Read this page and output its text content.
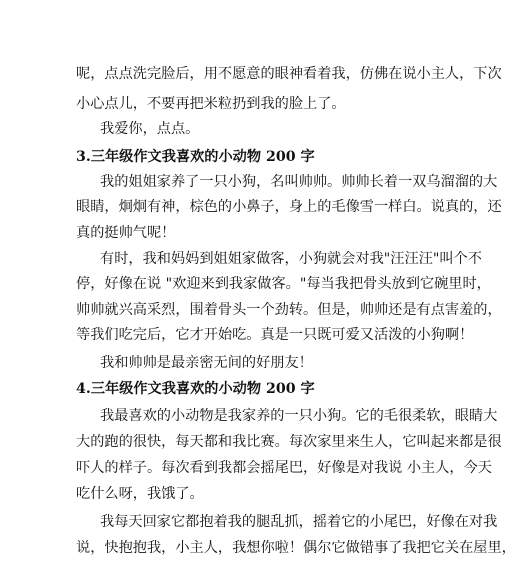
呢，点点洗完脸后，用不愿意的眼神看着我，仿佛在说小主人，下次
小心点儿，不要再把米粒扔到我的脸上了。
我爱你，点点。
3.三年级作文我喜欢的小动物 200 字
我的姐姐家养了一只小狗，名叫帅帅。帅帅长着一双乌溜溜的大
眼睛，炯炯有神，棕色的小鼻子，身上的毛像雪一样白。说真的，还
真的挺帅气呢！
有时，我和妈妈到姐姐家做客，小狗就会对我"汪汪汪"叫个不
停，好像在说 "欢迎来到我家做客。"每当我把骨头放到它碗里时，
帅帅就兴高采烈，围着骨头一个劲转。但是，帅帅还是有点害羞的，
等我们吃完后，它才开始吃。真是一只既可爱又活泼的小狗啊！
我和帅帅是最亲密无间的好朋友！
4.三年级作文我喜欢的小动物 200 字
我最喜欢的小动物是我家养的一只小狗。它的毛很柔软，眼睛大
大的跑的很快，每天都和我比赛。每次家里来生人，它叫起来都是很
吓人的样子。每次看到我都会摇尾巴，好像是对我说 小主人，今天
吃什么呀，我饿了。
我每天回家它都抱着我的腿乱抓，摇着它的小尾巴，好像在对我
说，快抱抱我，小主人，我想你啦！偶尔它做错事了我把它关在屋里，
